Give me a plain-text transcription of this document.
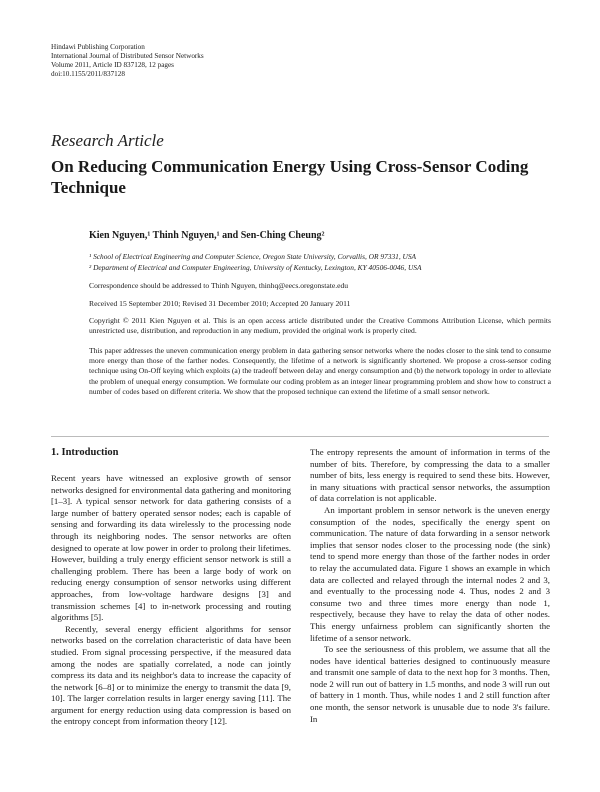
Hindawi Publishing Corporation
International Journal of Distributed Sensor Networks
Volume 2011, Article ID 837128, 12 pages
doi:10.1155/2011/837128
Research Article
On Reducing Communication Energy Using Cross-Sensor Coding Technique
Kien Nguyen,¹ Thinh Nguyen,¹ and Sen-Ching Cheung²
¹ School of Electrical Engineering and Computer Science, Oregon State University, Corvallis, OR 97331, USA
² Department of Electrical and Computer Engineering, University of Kentucky, Lexington, KY 40506-0046, USA
Correspondence should be addressed to Thinh Nguyen, thinhq@eecs.oregonstate.edu
Received 15 September 2010; Revised 31 December 2010; Accepted 20 January 2011
Copyright © 2011 Kien Nguyen et al. This is an open access article distributed under the Creative Commons Attribution License, which permits unrestricted use, distribution, and reproduction in any medium, provided the original work is properly cited.
This paper addresses the uneven communication energy problem in data gathering sensor networks where the nodes closer to the sink tend to consume more energy than those of the farther nodes. Consequently, the lifetime of a network is significantly shortened. We propose a cross-sensor coding technique using On-Off keying which exploits (a) the tradeoff between delay and energy consumption and (b) the network topology in order to alleviate the problem of unequal energy consumption. We formulate our coding problem as an integer linear programming problem and show how to construct a number of codes based on different criteria. We show that the proposed technique can extend the lifetime of a small sensor network.
1. Introduction

Recent years have witnessed an explosive growth of sensor networks designed for environmental data gathering and monitoring [1–3]. A typical sensor network for data gathering consists of a large number of battery operated sensor nodes; each is capable of sensing and forwarding its data wirelessly to the processing node through its neighboring nodes. The sensor networks are often designed to operate at low power in order to prolong their lifetimes. However, building a truly energy efficient sensor network is still a challenging problem. There has been a large body of work on reducing energy consumption of sensor networks using different approaches, from low-voltage hardware designs [3] and transmission schemes [4] to in-network processing and routing algorithms [5].

Recently, several energy efficient algorithms for sensor networks based on the correlation characteristic of data have been studied. From signal processing perspective, if the measured data among the nodes are spatially correlated, a node can jointly compress its data and its neighbor's data to increase the capacity of the network [6–8] or to minimize the energy to transmit the data [9, 10]. The larger correlation results in larger energy saving [11]. The argument for energy reduction using data compression is based on the entropy concept from information theory [12].

The entropy represents the amount of information in terms of the number of bits. Therefore, by compressing the data to a smaller number of bits, less energy is required to send these bits. However, in many situations with practical sensor networks, the assumption of data correlation is not applicable.

An important problem in sensor network is the uneven energy consumption of the nodes, specifically the energy spent on communication. The nature of data forwarding in a sensor network implies that sensor nodes closer to the processing node (the sink) tend to spend more energy than those of the farther nodes in order to relay the accumulated data. Figure 1 shows an example in which data are collected and relayed through the internal nodes 2 and 3, and eventually to the processing node 4. Thus, nodes 2 and 3 consume two and three times more energy than node 1, respectively, because they have to relay the data of other nodes. This energy unfairness problem can significantly shorten the lifetime of a sensor network.

To see the seriousness of this problem, we assume that all the nodes have identical batteries designed to continuously measure and transmit one sample of data to the next hop for 3 months. Then, node 2 will run out of battery in 1.5 months, and node 3 will run out of battery in 1 month. Thus, while nodes 1 and 2 still function after one month, the sensor network is unusable due to node 3's failure. In
